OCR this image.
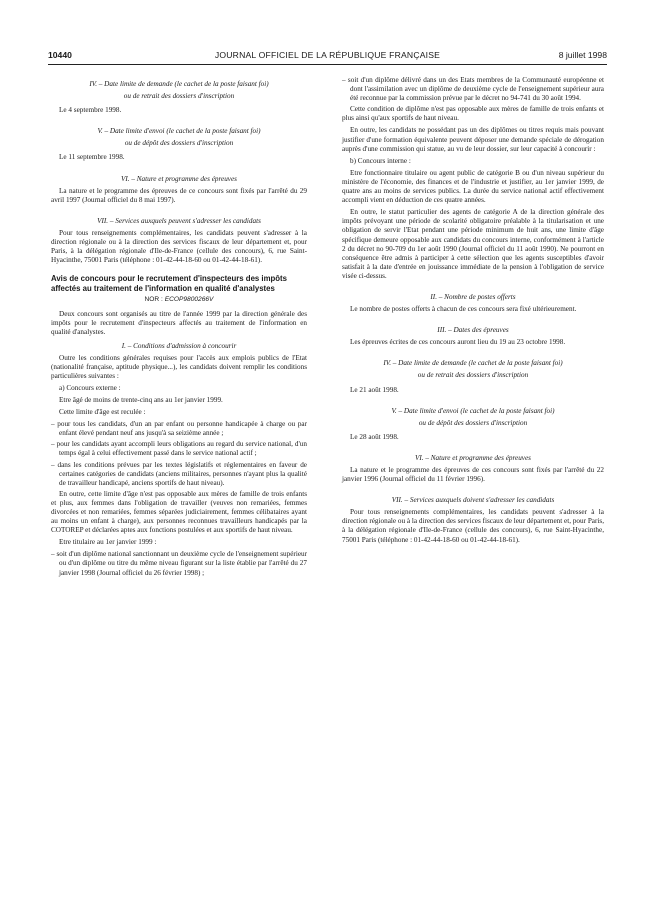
10440	JOURNAL OFFICIEL DE LA RÉPUBLIQUE FRANÇAISE	8 juillet 1998
IV. – Date limite de demande (le cachet de la poste faisant foi)
ou de retrait des dossiers d'inscription

Le 4 septembre 1998.

V. – Date limite d'envoi (le cachet de la poste faisant foi)
ou de dépôt des dossiers d'inscription

Le 11 septembre 1998.

VI. – Nature et programme des épreuves

La nature et le programme des épreuves de ce concours sont fixés par l'arrêté du 29 avril 1997 (Journal officiel du 8 mai 1997).

VII. – Services auxquels peuvent s'adresser les candidats

Pour tous renseignements complémentaires, les candidats peuvent s'adresser à la direction régionale ou à la direction des services fiscaux de leur département et, pour Paris, à la délégation régionale d'Ile-de-France (cellule des concours), 6, rue Saint-Hyacinthe, 75001 Paris (téléphone : 01-42-44-18-60 ou 01-42-44-18-61).

Avis de concours pour le recrutement d'inspecteurs des impôts affectés au traitement de l'information en qualité d'analystes
NOR : ECOP9800266V

Deux concours sont organisés au titre de l'année 1999 par la direction générale des impôts pour le recrutement d'inspecteurs affectés au traitement de l'information en qualité d'analystes.

I. – Conditions d'admission à concourir

Outre les conditions générales requises pour l'accès aux emplois publics de l'Etat (nationalité française, aptitude physique...), les candidats doivent remplir les conditions particulières suivantes :

a) Concours externe :

Etre âgé de moins de trente-cinq ans au 1er janvier 1999.

Cette limite d'âge est reculée :

– pour tous les candidats, d'un an par enfant ou personne handicapée à charge ou par enfant élevé pendant neuf ans jusqu'à sa seizième année ;
– pour les candidats ayant accompli leurs obligations au regard du service national, d'un temps égal à celui effectivement passé dans le service national actif ;
– dans les conditions prévues par les textes législatifs et réglementaires en faveur de certaines catégories de candidats (anciens militaires, personnes n'ayant plus la qualité de travailleur handicapé, anciens sportifs de haut niveau).

En outre, cette limite d'âge n'est pas opposable aux mères de famille de trois enfants et plus, aux femmes dans l'obligation de travailler (veuves non remariées, femmes divorcées et non remariées, femmes séparées judiciairement, femmes célibataires ayant au moins un enfant à charge), aux personnes reconnues travailleurs handicapés par la COTOREP et déclarées aptes aux fonctions postulées et aux sportifs de haut niveau.

Etre titulaire au 1er janvier 1999 :

– soit d'un diplôme national sanctionnant un deuxième cycle de l'enseignement supérieur ou d'un diplôme ou titre du même niveau figurant sur la liste établie par l'arrêté du 27 janvier 1998 (Journal officiel du 26 février 1998) ;
– soit d'un diplôme délivré dans un des Etats membres de la Communauté européenne et dont l'assimilation avec un diplôme de deuxième cycle de l'enseignement supérieur aura été reconnue par la commission prévue par le décret no 94-741 du 30 août 1994.

Cette condition de diplôme n'est pas opposable aux mères de famille de trois enfants et plus ainsi qu'aux sportifs de haut niveau.

En outre, les candidats ne possédant pas un des diplômes ou titres requis mais pouvant justifier d'une formation équivalente peuvent déposer une demande spéciale de dérogation auprès d'une commission qui statue, au vu de leur dossier, sur leur capacité à concourir :

b) Concours interne :

Etre fonctionnaire titulaire ou agent public de catégorie B ou d'un niveau supérieur du ministère de l'économie, des finances et de l'industrie et justifier, au 1er janvier 1999, de quatre ans au moins de services publics. La durée du service national actif effectivement accompli vient en déduction de ces quatre années.

En outre, le statut particulier des agents de catégorie A de la direction générale des impôts prévoyant une période de scolarité obligatoire préalable à la titularisation et une obligation de servir l'Etat pendant une période minimum de huit ans, une limite d'âge spécifique demeure opposable aux candidats du concours interne, conformément à l'article 2 du décret no 90-709 du 1er août 1990 (Journal officiel du 11 août 1990). Ne pourront en conséquence être admis à participer à cette sélection que les agents susceptibles d'avoir satisfait à la date d'entrée en jouissance immédiate de la pension à l'obligation de service visée ci-dessus.

II. – Nombre de postes offerts

Le nombre de postes offerts à chacun de ces concours sera fixé ultérieurement.

III. – Dates des épreuves

Les épreuves écrites de ces concours auront lieu du 19 au 23 octobre 1998.

IV. – Date limite de demande (le cachet de la poste faisant foi)
ou de retrait des dossiers d'inscription

Le 21 août 1998.

V. – Date limite d'envoi (le cachet de la poste faisant foi)
ou de dépôt des dossiers d'inscription

Le 28 août 1998.

VI. – Nature et programme des épreuves

La nature et le programme des épreuves de ces concours sont fixés par l'arrêté du 22 janvier 1996 (Journal officiel du 11 février 1996).

VII. – Services auxquels doivent s'adresser les candidats

Pour tous renseignements complémentaires, les candidats peuvent s'adresser à la direction régionale ou à la direction des services fiscaux de leur département et, pour Paris, à la délégation régionale d'Ile-de-France (cellule des concours), 6, rue Saint-Hyacinthe, 75001 Paris (téléphone : 01-42-44-18-60 ou 01-42-44-18-61).
